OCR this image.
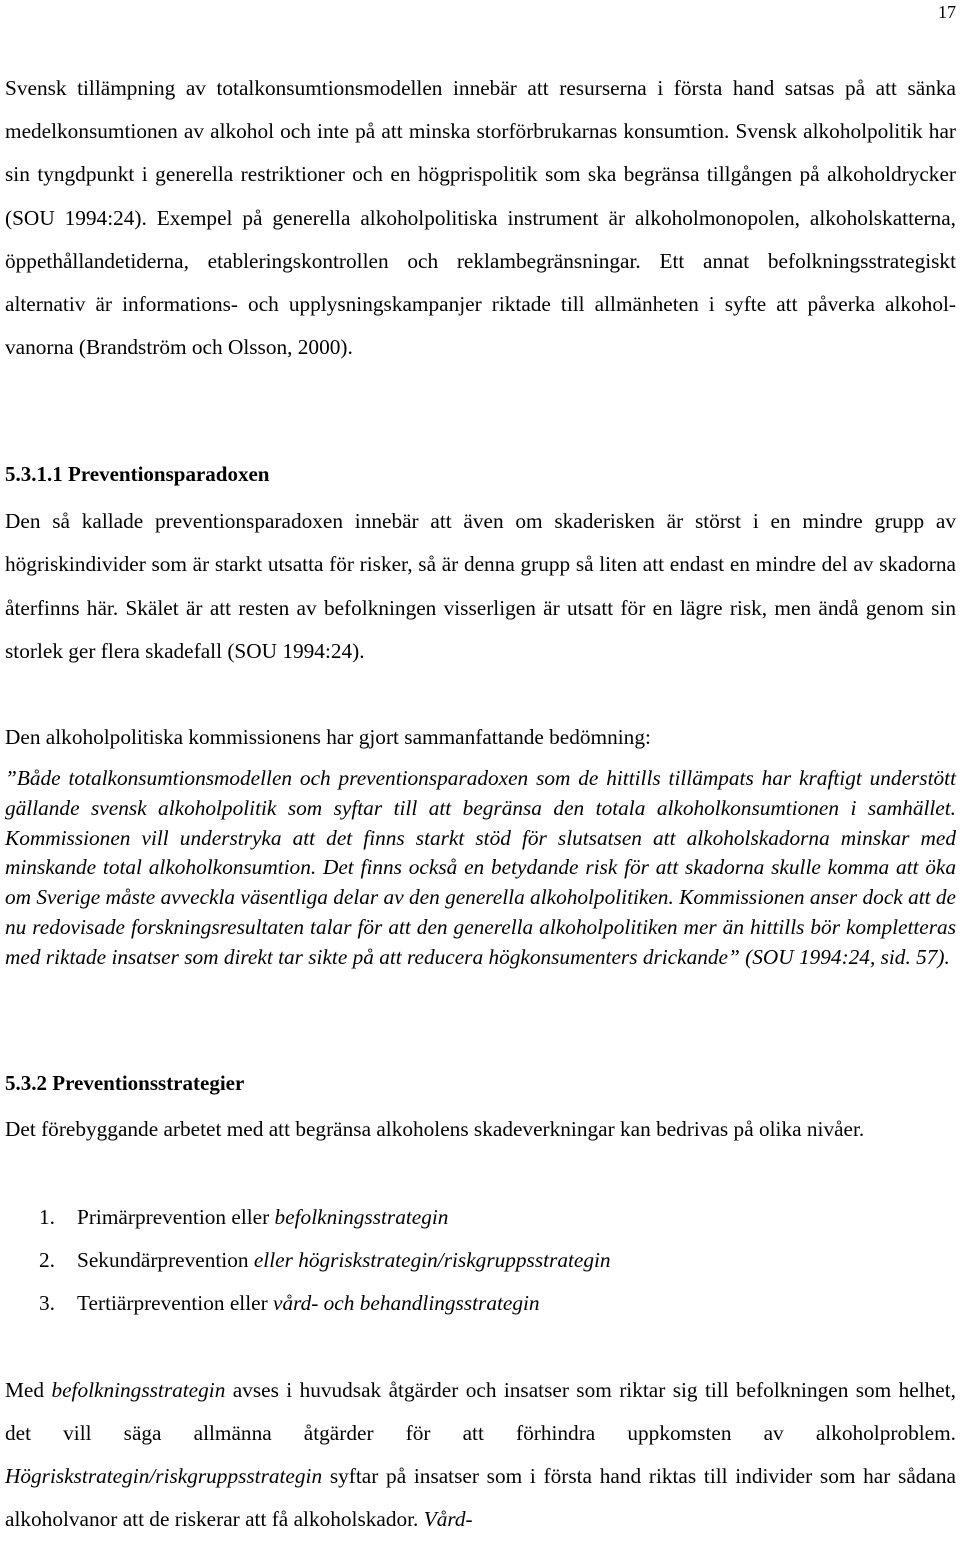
17
Svensk tillämpning av totalkonsumtionsmodellen innebär att resurserna i första hand satsas på att sänka medelkonsumtionen av alkohol och inte på att minska storförbrukarnas konsumtion. Svensk alkoholpolitik har sin tyngdpunkt i generella restriktioner och en högprispolitik som ska begränsa tillgången på alkoholdrycker (SOU 1994:24). Exempel på generella alkoholpolitiska instrument är alkoholmonopolen, alkoholskatterna, öppethållandetiderna, etableringskontrollen och reklambegränsningar. Ett annat befolkningsstrategiskt alternativ är informations- och upplysningskampanjer riktade till allmänheten i syfte att påverka alkohol-vanorna (Brandström och Olsson, 2000).
5.3.1.1 Preventionsparadoxen
Den så kallade preventionsparadoxen innebär att även om skaderisken är störst i en mindre grupp av högriskindivider som är starkt utsatta för risker, så är denna grupp så liten att endast en mindre del av skadorna återfinns här. Skälet är att resten av befolkningen visserligen är utsatt för en lägre risk, men ändå genom sin storlek ger flera skadefall (SOU 1994:24).
Den alkoholpolitiska kommissionens har gjort sammanfattande bedömning:
”Både totalkonsumtionsmodellen och preventionsparadoxen som de hittills tillämpats har kraftigt understött gällande svensk alkoholpolitik som syftar till att begränsa den totala alkoholkonsumtionen i samhället. Kommissionen vill understryka att det finns starkt stöd för slutsatsen att alkoholskadorna minskar med minskande total alkoholkonsumtion. Det finns också en betydande risk för att skadorna skulle komma att öka om Sverige måste avveckla väsentliga delar av den generella alkoholpolitiken. Kommissionen anser dock att de nu redovisade forskningsresultaten talar för att den generella alkoholpolitiken mer än hittills bör kompletteras med riktade insatser som direkt tar sikte på att reducera högkonsumenters drickande” (SOU 1994:24, sid. 57).
5.3.2 Preventionsstrategier
Det förebyggande arbetet med att begränsa alkoholens skadeverkningar kan bedrivas på olika nivåer.
1. Primärprevention eller befolkningsstrategin
2. Sekundärprevention eller högriskstrategin/riskgruppsstrategin
3. Tertiärprevention eller vård- och behandlingsstrategin
Med befolkningsstrategin avses i huvudsak åtgärder och insatser som riktar sig till befolkningen som helhet, det vill säga allmänna åtgärder för att förhindra uppkomsten av alkoholproblem. Högriskstrategin/riskgruppsstrategin syftar på insatser som i första hand riktas till individer som har sådana alkoholvanor att de riskerar att få alkoholskador. Vård-
